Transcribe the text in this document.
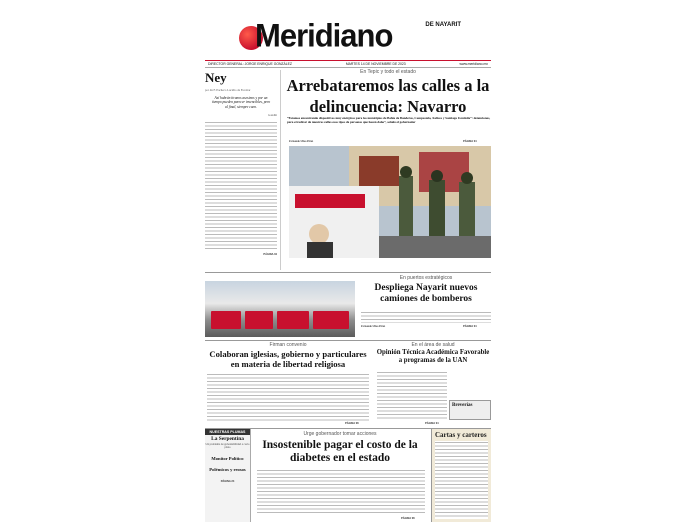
Meridiano	DE NAYARIT
DIRECTOR GENERAL: JORGE ENRIQUE GONZÁLEZ	MARTES 14 DE NOVIEMBRE DE 2023	www.meridiano.mx
Ney
por dn F. Pacheco Lucidio de Escobar
Así habrán tiranos asesinos y por un tiempo pueden parecer invencibles, pero al final, siempre caen.
Gandhi
PÁGINA 04
En Tepic y todo el estado
Arrebataremos las calles a la delincuencia: Navarro
“Estamos encontrando dispositivos muy enérgicos para los municipios de Bahía de Banderas, Compostela, Xalisco y Santiago Ixcuintla”: detenciones, para erradicar de nuestras calles esos tipos de personas que hacen daño”, señaló el gobernador
Fernando Ulloa Pérez	PÁGINA 04
En puertos estratégicos
Despliega Nayarit nuevos camiones de bomberos
Fernando Ulloa Pérez	PÁGINA 04
Firman convenio
Colaboran iglesias, gobierno y particulares en materia de libertad religiosa
PÁGINA 08
En el área de salud
Opinión Técnica Académica Favorable a programas de la UAN
PÁGINA 04
Breverías
NUESTRAS PLUMAS
La Serpentina
Un problema de gobernabilidad a corto plazo
Monitor Político
Polémicos y reosos
PÁGINA 24
Urge gobernador tomar acciones
Insostenible pagar el costo de la diabetes en el estado
PÁGINA 08
Cartas y carteros
